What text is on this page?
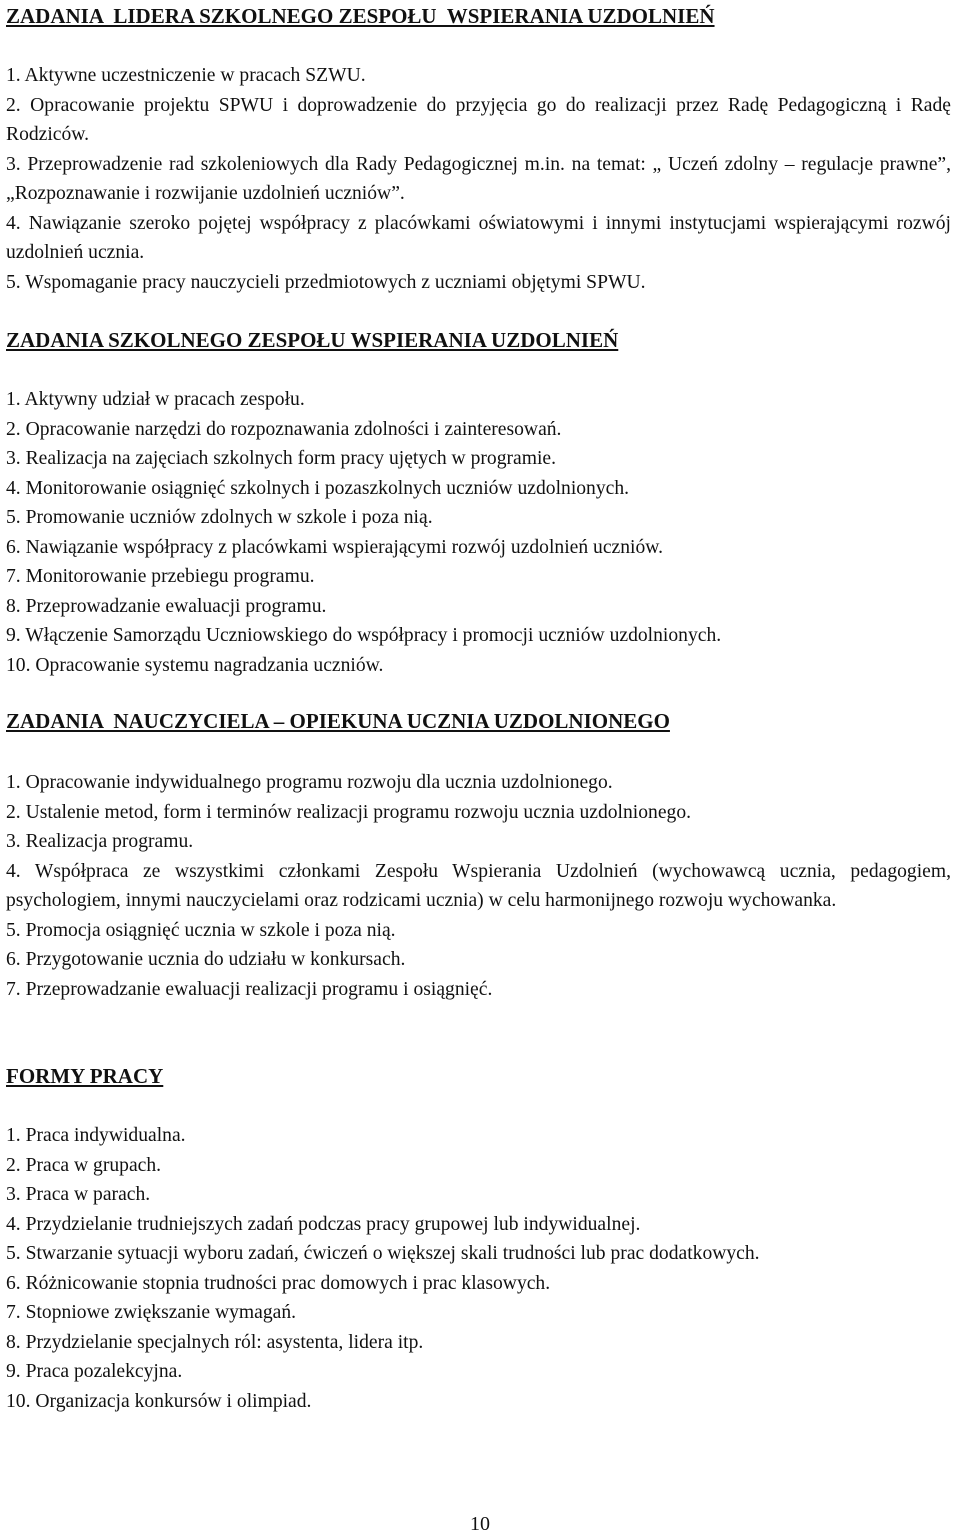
ZADANIA  LIDERA SZKOLNEGO ZESPOŁU  WSPIERANIA UZDOLNIEŃ
1. Aktywne uczestniczenie w pracach SZWU.
2. Opracowanie projektu SPWU i doprowadzenie do przyjęcia go do realizacji przez Radę Pedagogiczną i Radę Rodziców.
3. Przeprowadzenie rad szkoleniowych dla Rady Pedagogicznej m.in. na temat: „ Uczeń zdolny – regulacje prawne”, „Rozpoznawanie i rozwijanie uzdolnień uczniów”.
4. Nawiązanie szeroko pojętej współpracy z placówkami oświatowymi i innymi instytucjami wspierającymi rozwój uzdolnień ucznia.
5. Wspomaganie pracy nauczycieli przedmiotowych z uczniami objętymi SPWU.
ZADANIA SZKOLNEGO ZESPOŁU WSPIERANIA UZDOLNIEŃ
1. Aktywny udział w pracach zespołu.
2. Opracowanie narzędzi do rozpoznawania zdolności i zainteresowań.
3. Realizacja na zajęciach szkolnych form pracy ujętych w programie.
4. Monitorowanie osiągnięć szkolnych i pozaszkolnych uczniów uzdolnionych.
5. Promowanie uczniów zdolnych w szkole i poza nią.
6. Nawiązanie współpracy z placówkami wspierającymi rozwój uzdolnień uczniów.
7. Monitorowanie przebiegu programu.
8. Przeprowadzanie ewaluacji programu.
9. Włączenie Samorządu Uczniowskiego do współpracy i promocji uczniów uzdolnionych.
10. Opracowanie systemu nagradzania uczniów.
ZADANIA  NAUCZYCIELA – OPIEKUNA UCZNIA UZDOLNIONEGO
1. Opracowanie indywidualnego programu rozwoju dla ucznia uzdolnionego.
2. Ustalenie metod, form i terminów realizacji programu rozwoju ucznia uzdolnionego.
3. Realizacja programu.
4. Współpraca ze wszystkimi członkami Zespołu Wspierania Uzdolnień (wychowawcą ucznia, pedagogiem, psychologiem, innymi nauczycielami oraz rodzicami ucznia) w celu harmonijnego rozwoju wychowanka.
5. Promocja osiągnięć ucznia w szkole i poza nią.
6. Przygotowanie ucznia do udziału w konkursach.
7. Przeprowadzanie ewaluacji realizacji programu i osiągnięć.
FORMY PRACY
1. Praca indywidualna.
2. Praca w grupach.
3. Praca w parach.
4. Przydzielanie trudniejszych zadań podczas pracy grupowej lub indywidualnej.
5. Stwarzanie sytuacji wyboru zadań, ćwiczeń o większej skali trudności lub prac dodatkowych.
6. Różnicowanie stopnia trudności prac domowych i prac klasowych.
7. Stopniowe zwiększanie wymagań.
8. Przydzielanie specjalnych ról: asystenta, lidera itp.
9. Praca pozalekcyjna.
10. Organizacja konkursów i olimpiad.
10
